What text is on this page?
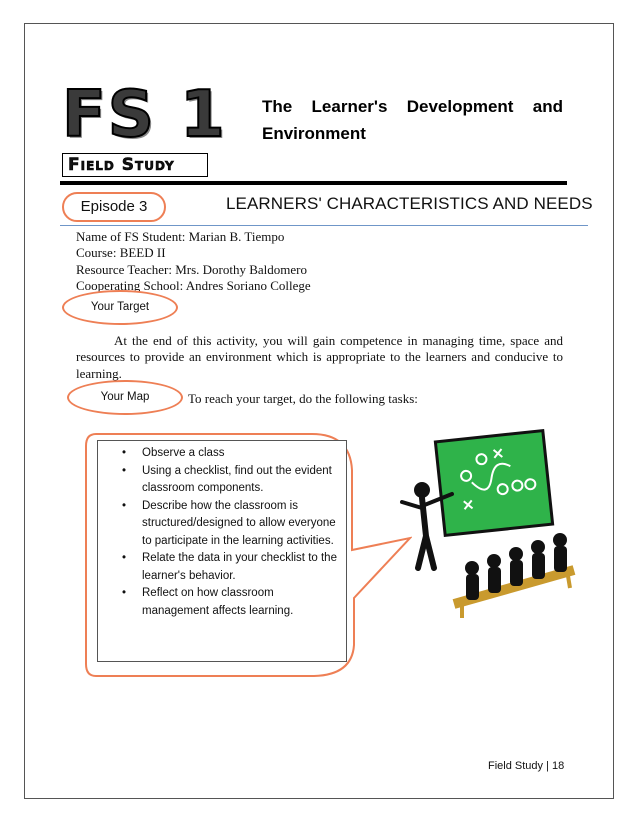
FS 1
Field Study
The Learner's Development and
Environment
Episode 3	LEARNERS' CHARACTERISTICS AND NEEDS
Name of FS Student: Marian B. Tiempo
Course: BEED II
Resource Teacher: Mrs. Dorothy Baldomero
Cooperating School: Andres Soriano College
Your Target
At the end of this activity, you will gain competence in managing time, space and resources to provide an environment which is appropriate to the learners and conducive to learning.
Your Map	To reach your target, do the following tasks:
• Observe a class
• Using a checklist, find out the evident classroom components.
• Describe how the classroom is structured/designed to allow everyone to participate in the learning activities.
• Relate the data in your checklist to the learner's behavior.
• Reflect on how classroom management affects learning.
Field Study | 18
